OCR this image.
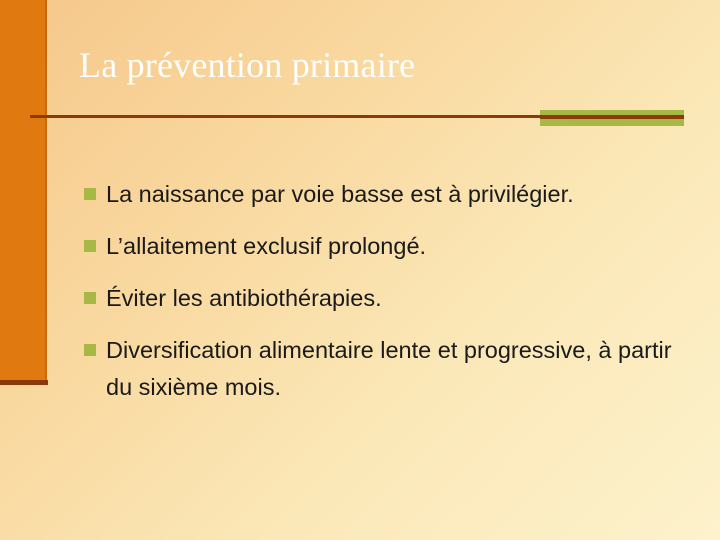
La prévention primaire
La naissance par voie basse est à privilégier.
L’allaitement exclusif prolongé.
Éviter les antibiothérapies.
Diversification alimentaire lente et progressive, à partir du sixième mois.
